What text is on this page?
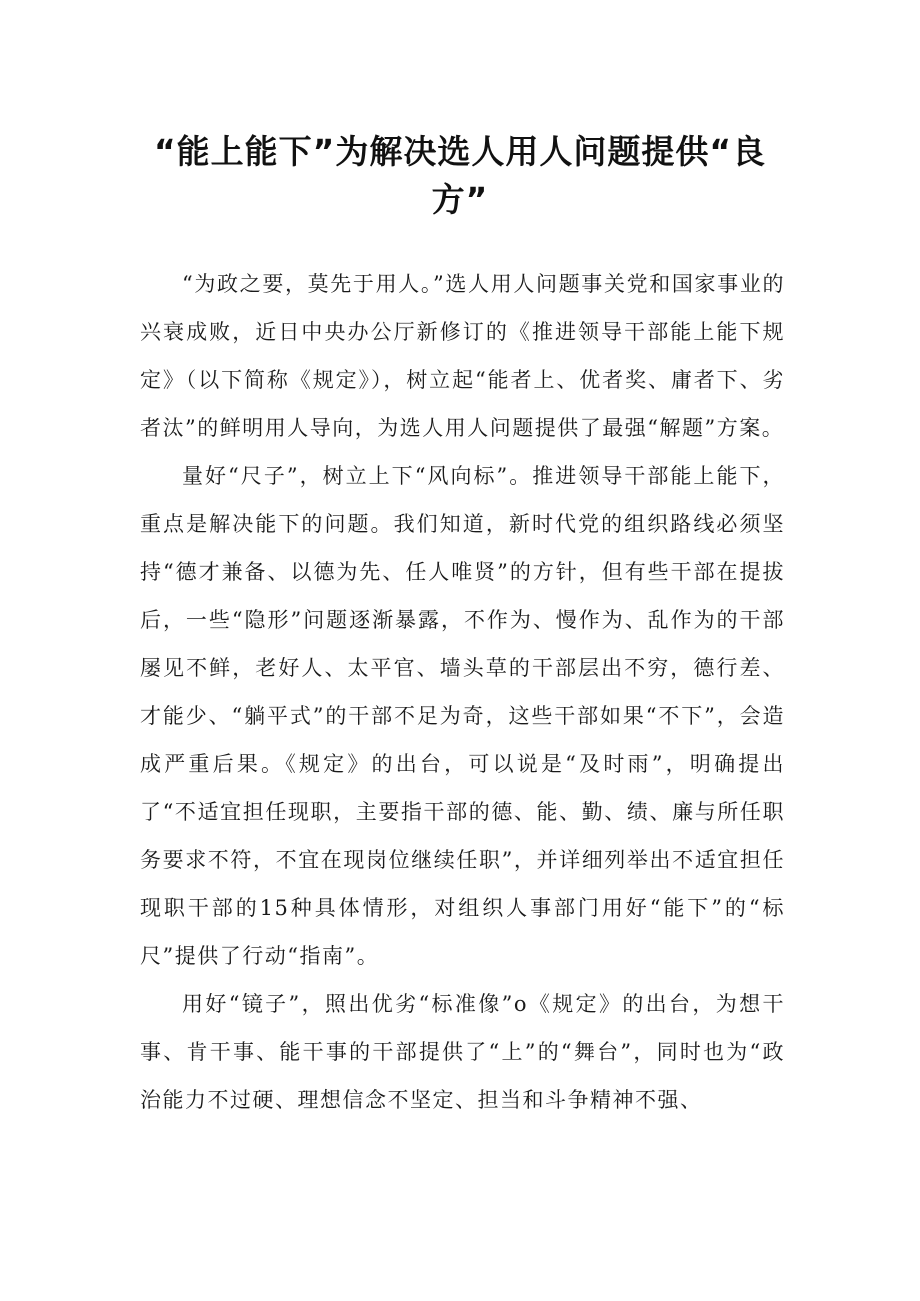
“能上能下”为解决选人用人问题提供“良方”

“为政之要，莫先于用人。”选人用人问题事关党和国家事业的兴衰成败，近日中央办公厅新修订的《推进领导干部能上能下规定》（以下简称《规定》），树立起“能者上、优者奖、庸者下、劣者汰”的鲜明用人导向，为选人用人问题提供了最强“解题”方案。

量好“尺子”，树立上下“风向标”。推进领导干部能上能下，重点是解决能下的问题。我们知道，新时代党的组织路线必须坚持“德才兼备、以德为先、任人唯贤”的方针，但有些干部在提拔后，一些“隐形”问题逐渐暴露，不作为、慢作为、乱作为的干部屡见不鲜，老好人、太平官、墙头草的干部层出不穷，德行差、才能少、“躺平式”的干部不足为奇，这些干部如果“不下”，会造成严重后果。《规定》的出台，可以说是“及时雨”，明确提出了“不适宜担任现职，主要指干部的德、能、勤、绩、廉与所任职务要求不符，不宜在现岗位继续任职”，并详细列举出不适宜担任现职干部的15种具体情形，对组织人事部门用好“能下”的“标尺”提供了行动“指南”。

用好“镜子”，照出优劣“标准像”o《规定》的出台，为想干事、肯干事、能干事的干部提供了“上”的“舞台”，同时也为“政治能力不过硬、理想信念不坚定、担当和斗争精神不强、
